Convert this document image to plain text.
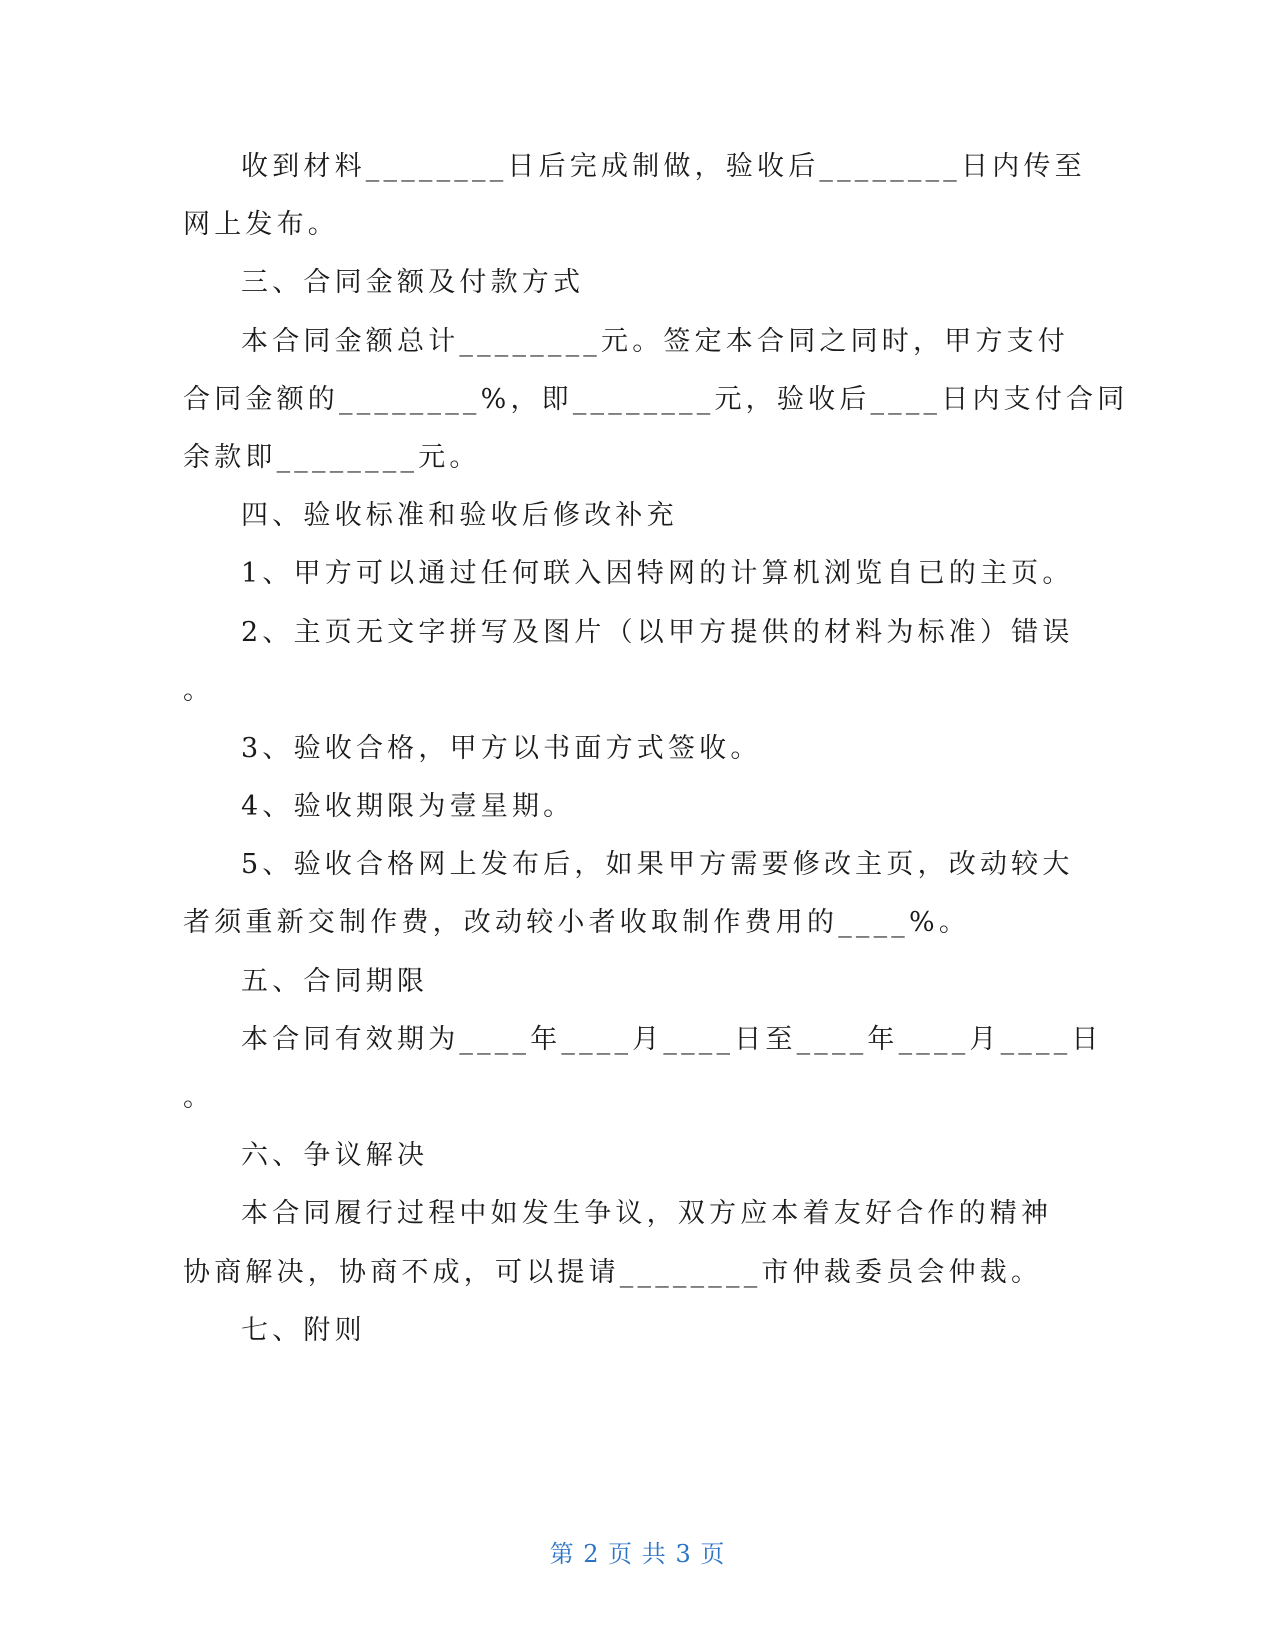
收到材料________日后完成制做，验收后________日内传至
网上发布。
三、合同金额及付款方式
本合同金额总计________元。签定本合同之同时，甲方支付
合同金额的________%，即________元，验收后____日内支付合同
余款即________元。
四、验收标准和验收后修改补充
1、甲方可以通过任何联入因特网的计算机浏览自已的主页。
2、主页无文字拼写及图片（以甲方提供的材料为标准）错误
。
3、验收合格，甲方以书面方式签收。
4、验收期限为壹星期。
5、验收合格网上发布后，如果甲方需要修改主页，改动较大
者须重新交制作费，改动较小者收取制作费用的____%。
五、合同期限
本合同有效期为____年____月____日至____年____月____日
。
六、争议解决
本合同履行过程中如发生争议，双方应本着友好合作的精神
协商解决，协商不成，可以提请________市仲裁委员会仲裁。
七、附则
第 2 页 共 3 页
